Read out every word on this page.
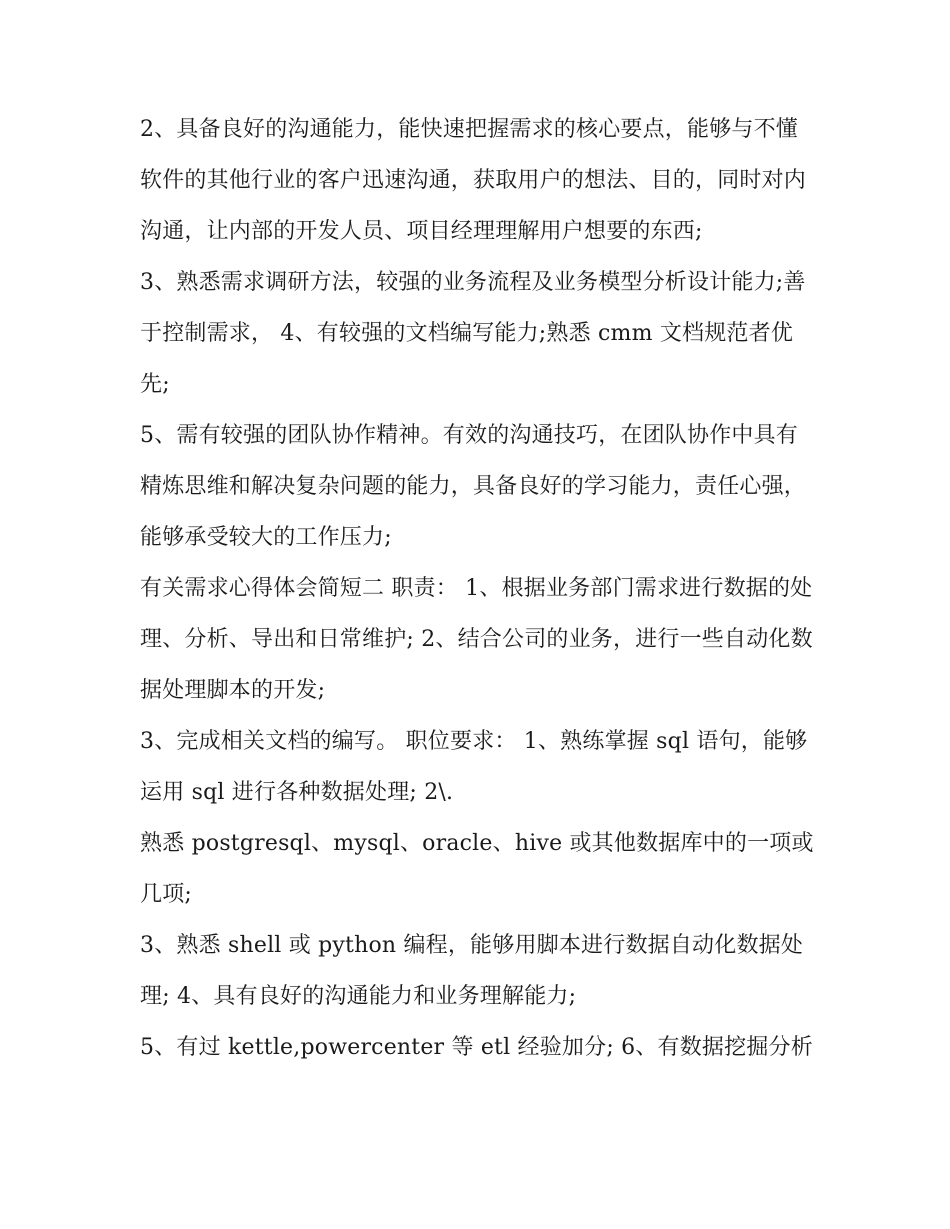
2、具备良好的沟通能力，能快速把握需求的核心要点，能够与不懂软件的其他行业的客户迅速沟通，获取用户的想法、目的，同时对内沟通，让内部的开发人员、项目经理理解用户想要的东西;

3、熟悉需求调研方法，较强的业务流程及业务模型分析设计能力;善于控制需求， 4、有较强的文档编写能力;熟悉 cmm 文档规范者优先;

5、需有较强的团队协作精神。有效的沟通技巧，在团队协作中具有精炼思维和解决复杂问题的能力，具备良好的学习能力，责任心强，能够承受较大的工作压力;

有关需求心得体会简短二 职责： 1、根据业务部门需求进行数据的处理、分析、导出和日常维护; 2、结合公司的业务，进行一些自动化数据处理脚本的开发;

3、完成相关文档的编写。 职位要求： 1、熟练掌握 sql 语句，能够运用 sql 进行各种数据处理; 2\.

熟悉 postgresql、mysql、oracle、hive 或其他数据库中的一项或几项;

3、熟悉 shell 或 python 编程，能够用脚本进行数据自动化数据处理; 4、具有良好的沟通能力和业务理解能力;

5、有过 kettle,powercenter 等 etl 经验加分; 6、有数据挖掘分析
